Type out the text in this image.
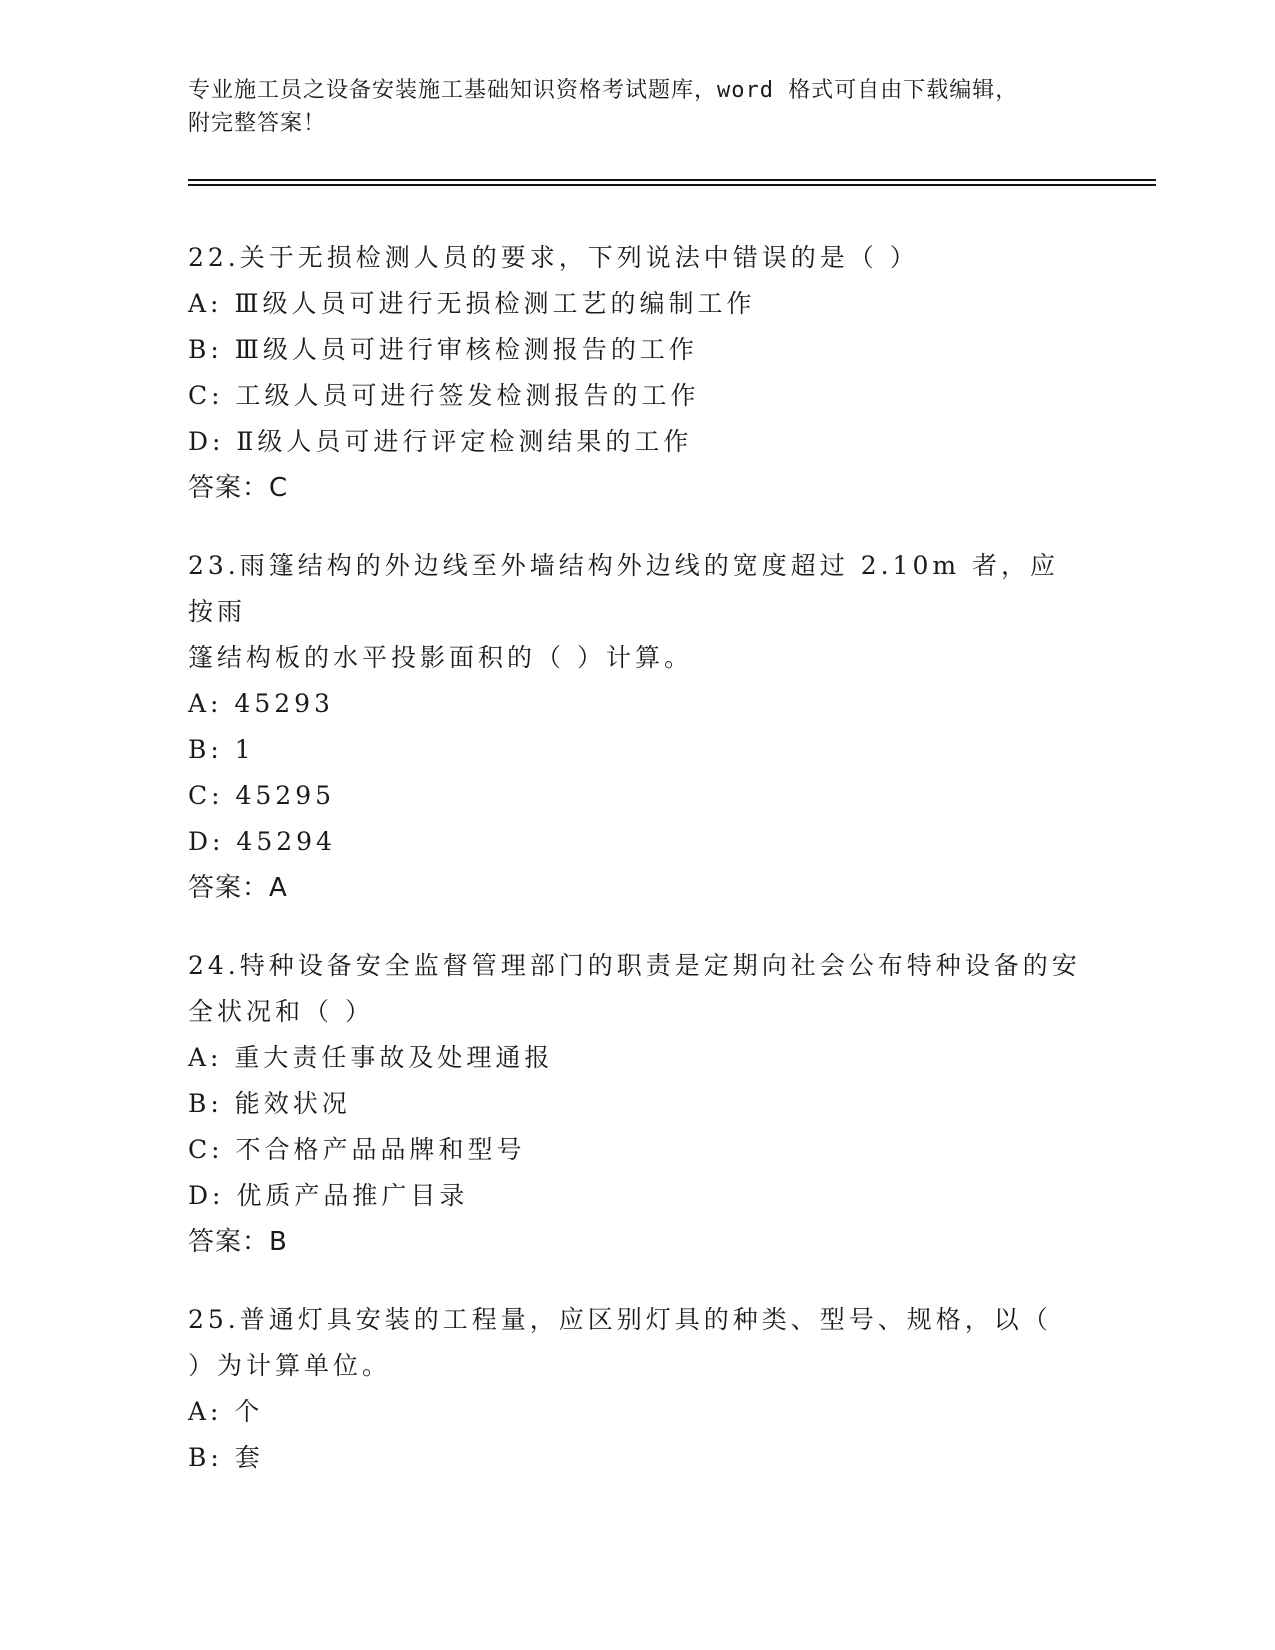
专业施工员之设备安装施工基础知识资格考试题库，word 格式可自由下载编辑，
附完整答案！

22.关于无损检测人员的要求，下列说法中错误的是（ ）

A: Ⅲ级人员可进行无损检测工艺的编制工作

B: Ⅲ级人员可进行审核检测报告的工作

C: 工级人员可进行签发检测报告的工作

D: Ⅱ级人员可进行评定检测结果的工作

答案：C

23.雨篷结构的外边线至外墙结构外边线的宽度超过 2.10m 者，应按雨

篷结构板的水平投影面积的（ ）计算。

A: 45293

B: 1

C: 45295

D: 45294

答案：A

24.特种设备安全监督管理部门的职责是定期向社会公布特种设备的安

全状况和（ ）

A: 重大责任事故及处理通报

B: 能效状况

C: 不合格产品品牌和型号

D: 优质产品推广目录

答案：B

25.普通灯具安装的工程量，应区别灯具的种类、型号、规格，以（

）为计算单位。

A: 个

B: 套
